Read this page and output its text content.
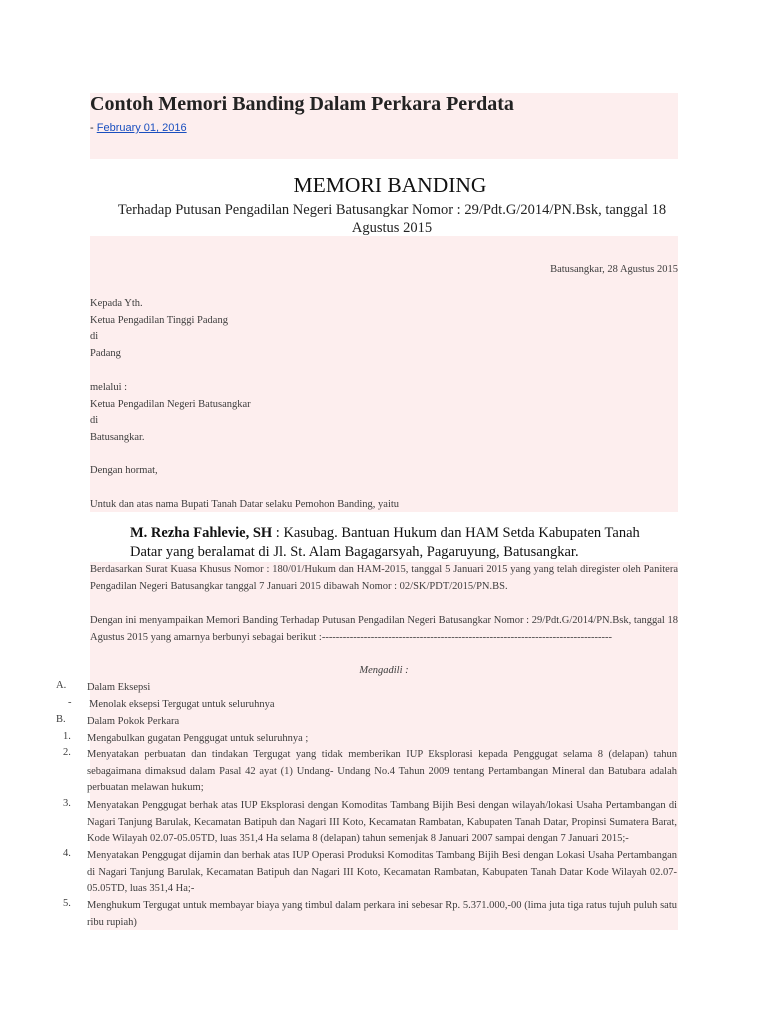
Contoh Memori Banding Dalam Perkara Perdata
- February 01, 2016
MEMORI BANDING
Terhadap Putusan Pengadilan Negeri Batusangkar Nomor : 29/Pdt.G/2014/PN.Bsk, tanggal 18 Agustus 2015
Batusangkar, 28 Agustus 2015
Kepada Yth.
Ketua Pengadilan Tinggi Padang
di
Padang
melalui :
Ketua Pengadilan Negeri Batusangkar
di
Batusangkar.
Dengan hormat,
Untuk dan atas nama Bupati Tanah Datar selaku Pemohon Banding, yaitu
M. Rezha Fahlevie, SH : Kasubag. Bantuan Hukum dan HAM Setda Kabupaten Tanah Datar yang beralamat di Jl. St. Alam Bagagarsyah, Pagaruyung, Batusangkar.
Berdasarkan Surat Kuasa Khusus Nomor : 180/01/Hukum dan HAM-2015, tanggal 5 Januari 2015 yang yang telah diregister oleh Panitera Pengadilan Negeri Batusangkar tanggal 7 Januari 2015 dibawah Nomor : 02/SK/PDT/2015/PN.BS.
Dengan ini menyampaikan Memori Banding Terhadap Putusan Pengadilan Negeri Batusangkar Nomor : 29/Pdt.G/2014/PN.Bsk, tanggal 18 Agustus 2015 yang amarnya berbunyi sebagai berikut :-----------------------------------------------------------------------------------
Mengadili :
A. Dalam Eksepsi
- Menolak eksepsi Tergugat untuk seluruhnya
B. Dalam Pokok Perkara
1. Mengabulkan gugatan Penggugat untuk seluruhnya ;
2. Menyatakan perbuatan dan tindakan Tergugat yang tidak memberikan IUP Eksplorasi kepada Penggugat selama 8 (delapan) tahun sebagaimana dimaksud dalam Pasal 42 ayat (1) Undang- Undang No.4 Tahun 2009 tentang Pertambangan Mineral dan Batubara adalah perbuatan melawan hukum;
3. Menyatakan Penggugat berhak atas IUP Eksplorasi dengan Komoditas Tambang Bijih Besi dengan wilayah/lokasi Usaha Pertambangan di Nagari Tanjung Barulak, Kecamatan Batipuh dan Nagari III Koto, Kecamatan Rambatan, Kabupaten Tanah Datar, Propinsi Sumatera Barat, Kode Wilayah 02.07-05.05TD, luas 351,4 Ha selama 8 (delapan) tahun semenjak 8 Januari 2007 sampai dengan 7 Januari 2015;-
4. Menyatakan Penggugat dijamin dan berhak atas IUP Operasi Produksi Komoditas Tambang Bijih Besi dengan Lokasi Usaha Pertambangan di Nagari Tanjung Barulak, Kecamatan Batipuh dan Nagari III Koto, Kecamatan Rambatan, Kabupaten Tanah Datar Kode Wilayah 02.07-05.05TD, luas 351,4 Ha;-
5. Menghukum Tergugat untuk membayar biaya yang timbul dalam perkara ini sebesar Rp. 5.371.000,-00 (lima juta tiga ratus tujuh puluh satu ribu rupiah)
